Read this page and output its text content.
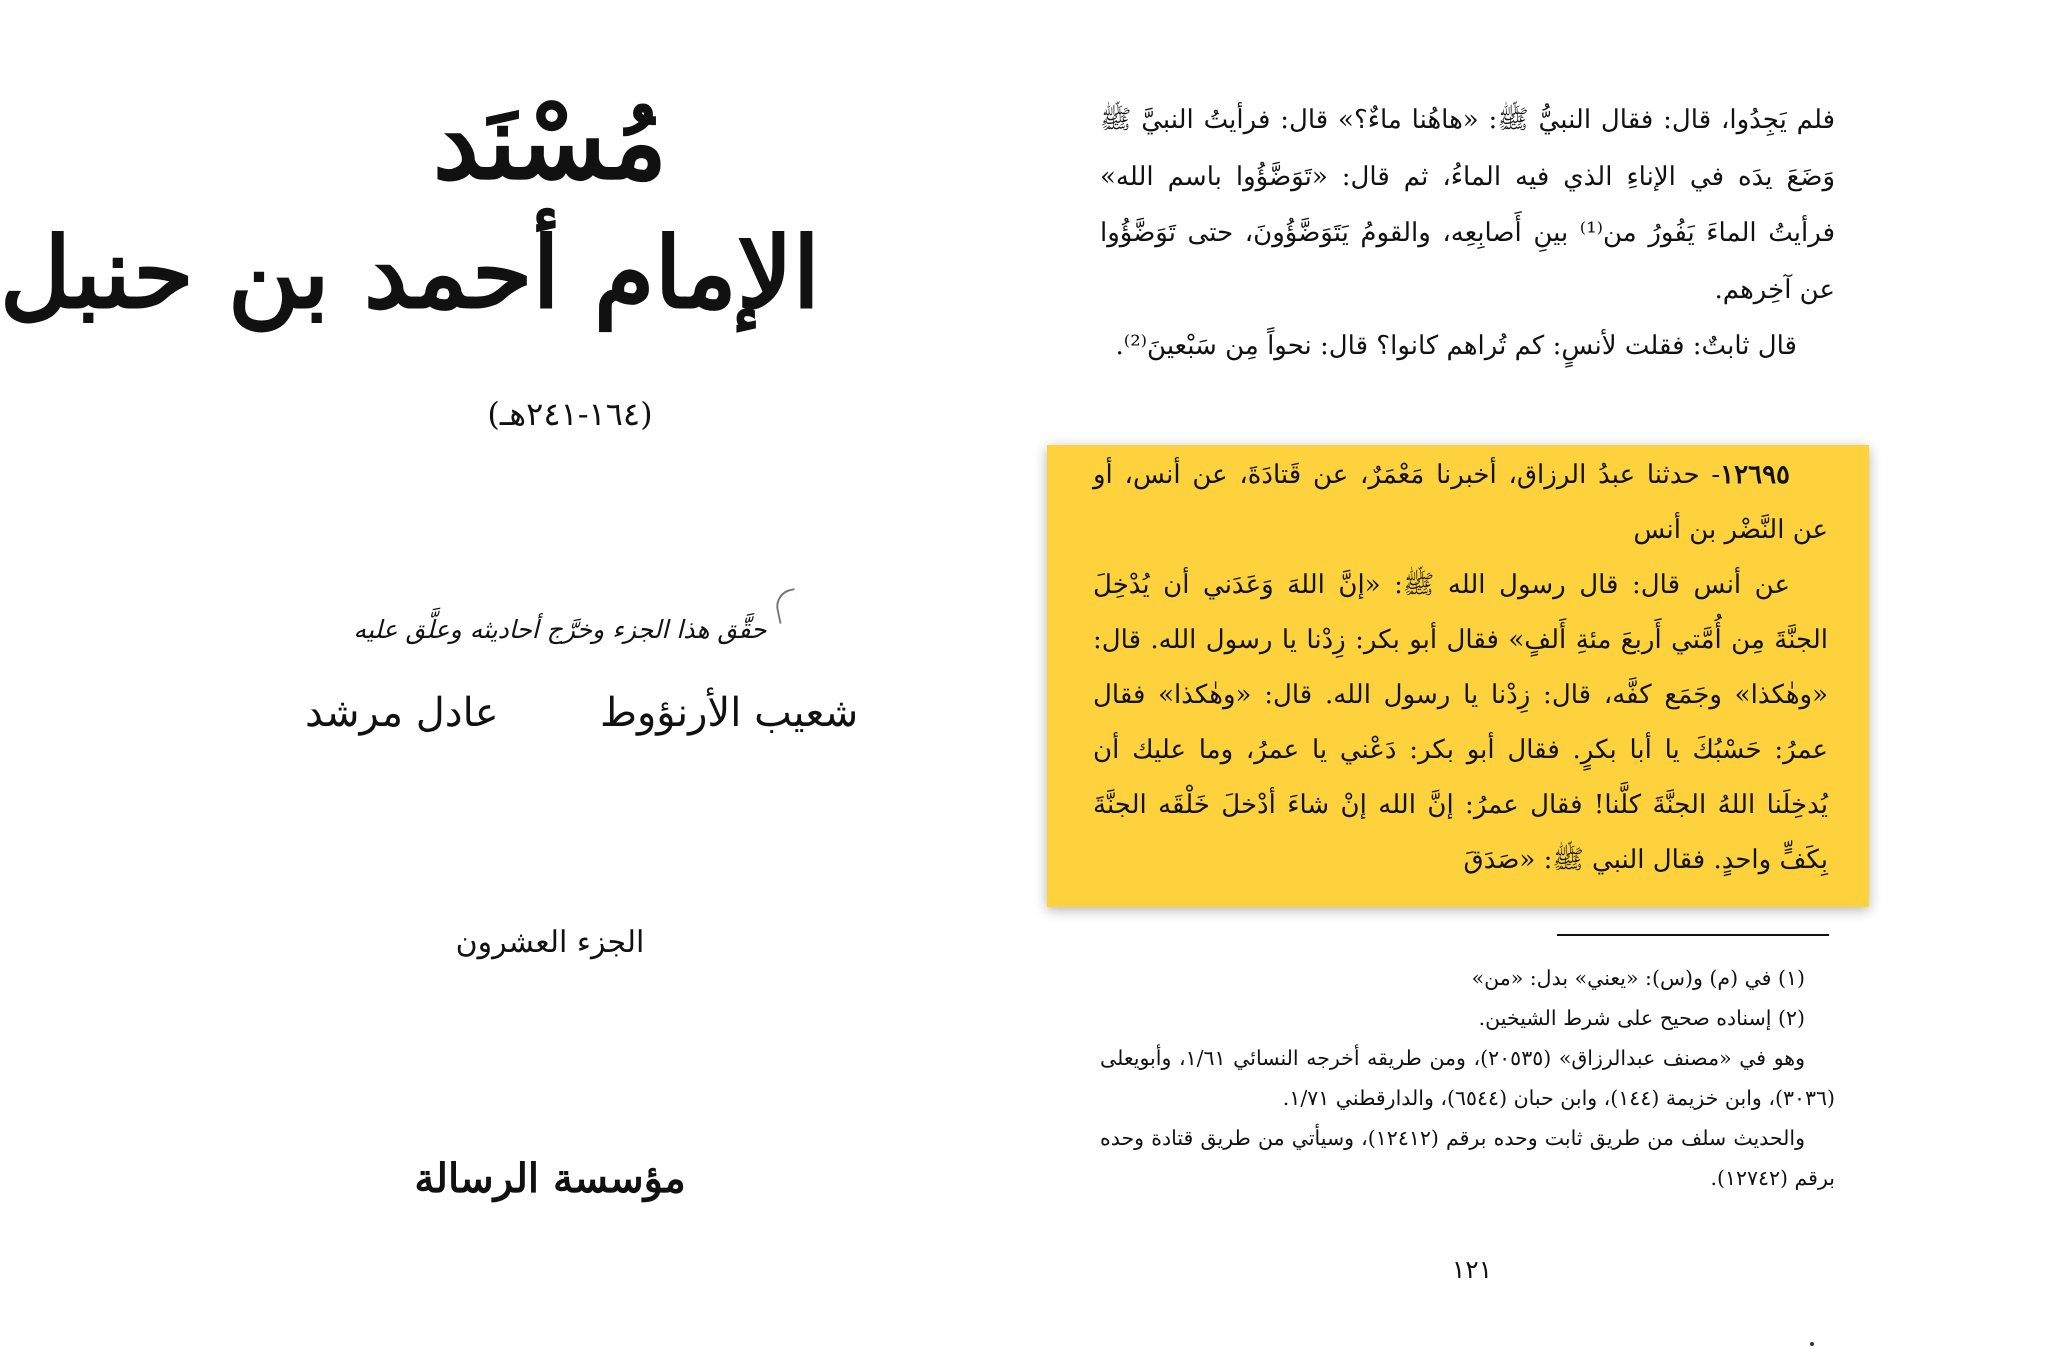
مُسْنَد
الإمام أحمد بن حنبل
(١٦٤-٢٤١هـ)
حقَّق هذا الجزء وخرَّج أحاديثه وعلَّق عليه
شعيب الأرنؤوط
عادل مرشد
الجزء العشرون
مؤسسة الرسالة

فلم يَجِدُوا، قال: فقال النبيُّ ﷺ: «هاهُنا ماءٌ؟» قال: فرأيتُ النبيَّ ﷺ وَضَعَ يدَه في الإناءِ الذي فيه الماءُ، ثم قال: «تَوَضَّؤُوا باسم الله» فرأيتُ الماءَ يَفُورُ من⁽¹⁾ بينِ أَصابِعِه، والقومُ يَتَوَضَّؤُونَ، حتى تَوَضَّؤُوا عن آخِرهم.

قال ثابتٌ: فقلت لأنسٍ: كم تُراهم كانوا؟ قال: نحواً مِن سَبْعينَ⁽²⁾.

١٢٦٩٥- حدثنا عبدُ الرزاق، أخبرنا مَعْمَرٌ، عن قَتادَةَ، عن أنس، أو عن النَّضْر بن أنس

عن أنس قال: قال رسول الله ﷺ: «إنَّ اللهَ وَعَدَني أن يُدْخِلَ الجنَّةَ مِن أُمَّتي أَربعَ مئةِ أَلفٍ» فقال أبو بكر: زِدْنا يا رسول الله. قال: «وهٰكذا» وجَمَع كفَّه، قال: زِدْنا يا رسول الله. قال: «وهٰكذا» فقال عمرُ: حَسْبُكَ يا أبا بكرٍ. فقال أبو بكر: دَعْني يا عمرُ، وما عليك أن يُدخِلَنا اللهُ الجنَّةَ كلَّنا! فقال عمرُ: إنَّ الله إنْ شاءَ أدْخلَ خَلْقَه الجنَّةَ بِكَفٍّ واحدٍ. فقال النبي ﷺ: «صَدَقَ

(١) في (م) و(س): «يعني» بدل: «من»

(٢) إسناده صحيح على شرط الشيخين.

وهو في «مصنف عبدالرزاق» (٢٠٥٣٥)، ومن طريقه أخرجه النسائي ١/٦١، وأبويعلى (٣٠٣٦)، وابن خزيمة (١٤٤)، وابن حبان (٦٥٤٤)، والدارقطني ١/٧١.

والحديث سلف من طريق ثابت وحده برقم (١٢٤١٢)، وسيأتي من طريق قتادة وحده برقم (١٢٧٤٢).

١٢١
